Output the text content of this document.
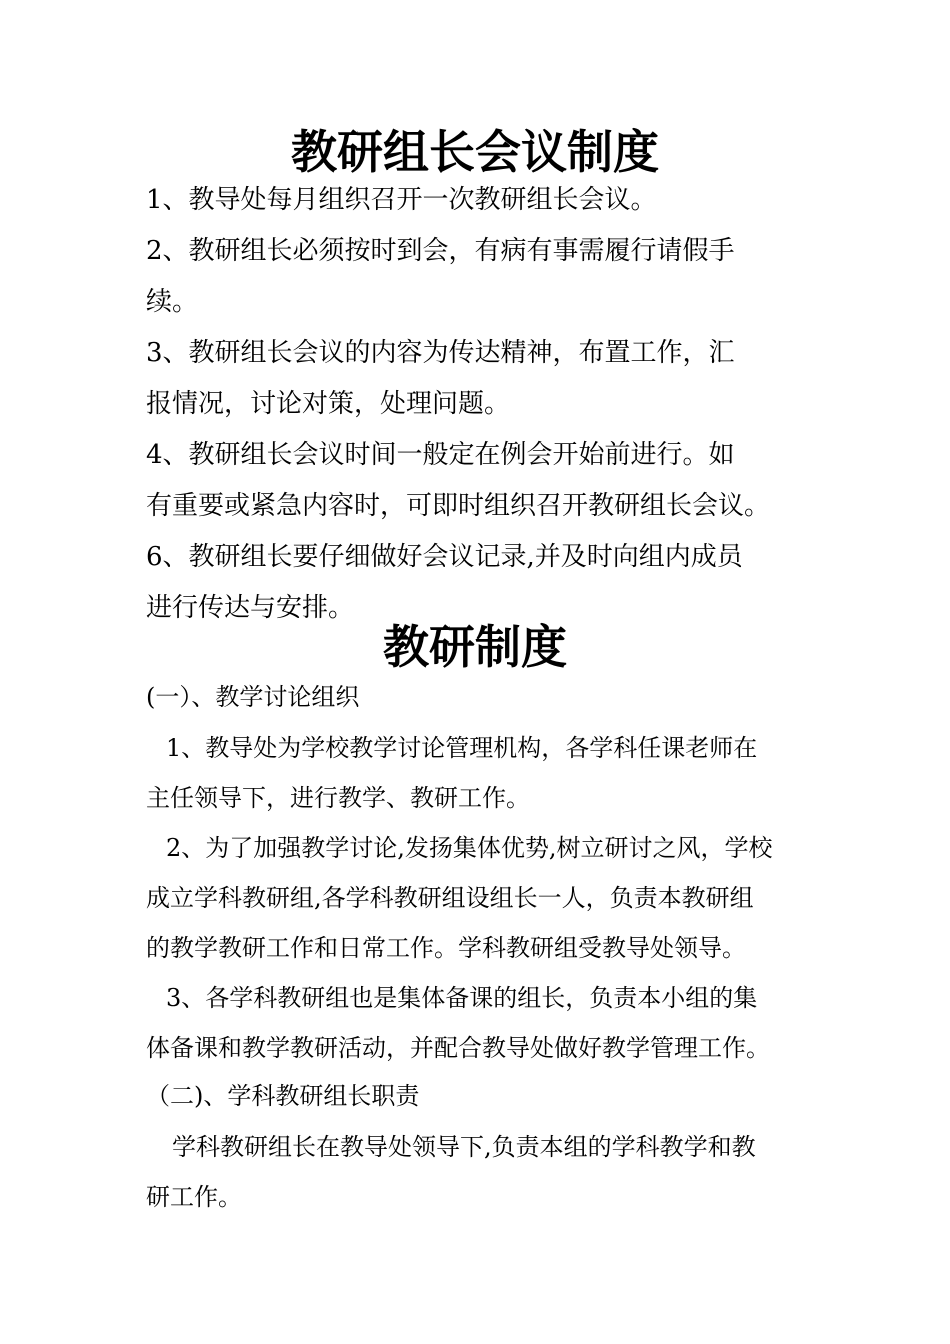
教研组长会议制度
1、教导处每月组织召开一次教研组长会议。
2、教研组长必须按时到会，有病有事需履行请假手
续。
3、教研组长会议的内容为传达精神，布置工作，汇
报情况，讨论对策，处理问题。
4、教研组长会议时间一般定在例会开始前进行。如
有重要或紧急内容时，可即时组织召开教研组长会议。
6、教研组长要仔细做好会议记录,并及时向组内成员
进行传达与安排。
教研制度
(一）、教学讨论组织
1、教导处为学校教学讨论管理机构，各学科任课老师在
主任领导下，进行教学、教研工作。
2、为了加强教学讨论,发扬集体优势,树立研讨之风，学校
成立学科教研组,各学科教研组设组长一人，负责本教研组
的教学教研工作和日常工作。学科教研组受教导处领导。
3、各学科教研组也是集体备课的组长，负责本小组的集
体备课和教学教研活动，并配合教导处做好教学管理工作。
（二)、学科教研组长职责
学科教研组长在教导处领导下,负责本组的学科教学和教
研工作。
